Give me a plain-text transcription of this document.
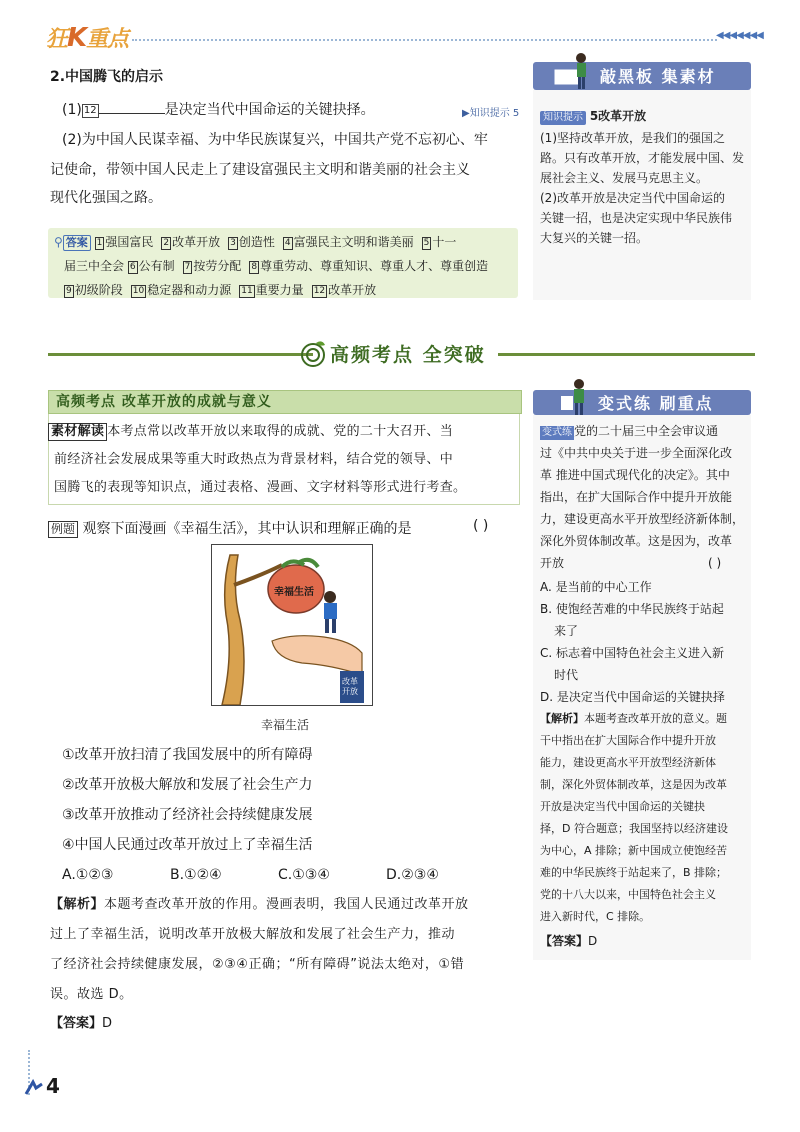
狂K重点	◀◀◀◀◀◀◀
2.中国腾飞的启示
(1) 12	是决定当代中国命运的关键抉择。	▶知识提示 5
(2)为中国人民谋幸福、为中华民族谋复兴，中国共产党不忘初心、牢
记使命，带领中国人民走上了建设富强民主文明和谐美丽的社会主义
现代化强国之路。
⚲ 答案 1 强国富民 2 改革开放 3 创造性 4 富强民主文明和谐美丽 5 十一
届三中全会 6 公有制 7 按劳分配 8 尊重劳动、尊重知识、尊重人才、尊重创造
9 初级阶段 10 稳定器和动力源 11 重要力量 12 改革开放
敲黑板 集素材
知识提示 5改革开放
(1)坚持改革开放，是我们的强国之
路。只有改革开放，才能发展中国、发
展社会主义、发展马克思主义。
(2)改革开放是决定当代中国命运的
关键一招，也是决定实现中华民族伟
大复兴的关键一招。
高频考点 全突破
高频考点 改革开放的成就与意义
素材解读 本考点常以改革开放以来取得的成就、党的二十大召开、当
前经济社会发展成果等重大时政热点为背景材料，结合党的领导、中
国腾飞的表现等知识点，通过表格、漫画、文字材料等形式进行考查。
例题 观察下面漫画《幸福生活》，其中认识和理解正确的是	( )
幸福生活
改革开放
幸福生活
①改革开放扫清了我国发展中的所有障碍
②改革开放极大解放和发展了社会生产力
③改革开放推动了经济社会持续健康发展
④中国人民通过改革开放过上了幸福生活
A.①②③	B.①②④	C.①③④	D.②③④
【解析】本题考查改革开放的作用。漫画表明，我国人民通过改革开放
过上了幸福生活，说明改革开放极大解放和发展了社会生产力，推动
了经济社会持续健康发展，②③④正确；“所有障碍”说法太绝对，①错
误。故选 D。
【答案】D
变式练 刷重点
变式练 党的二十届三中全会审议通
过《中共中央关于进一步全面深化改
革 推进中国式现代化的决定》。其中
指出，在扩大国际合作中提升开放能
力，建设更高水平开放型经济新体制，
深化外贸体制改革。这是因为，改革
开放	( )
A. 是当前的中心工作
B. 使饱经苦难的中华民族终于站起
来了
C. 标志着中国特色社会主义进入新
时代
D. 是决定当代中国命运的关键抉择
【解析】本题考查改革开放的意义。题
干中指出在扩大国际合作中提升开放
能力，建设更高水平开放型经济新体
制，深化外贸体制改革，这是因为改革
开放是决定当代中国命运的关键抉
择，D 符合题意；我国坚持以经济建设
为中心，A 排除；新中国成立使饱经苦
难的中华民族终于站起来了，B 排除；
党的十八大以来，中国特色社会主义
进入新时代，C 排除。
【答案】D
4
